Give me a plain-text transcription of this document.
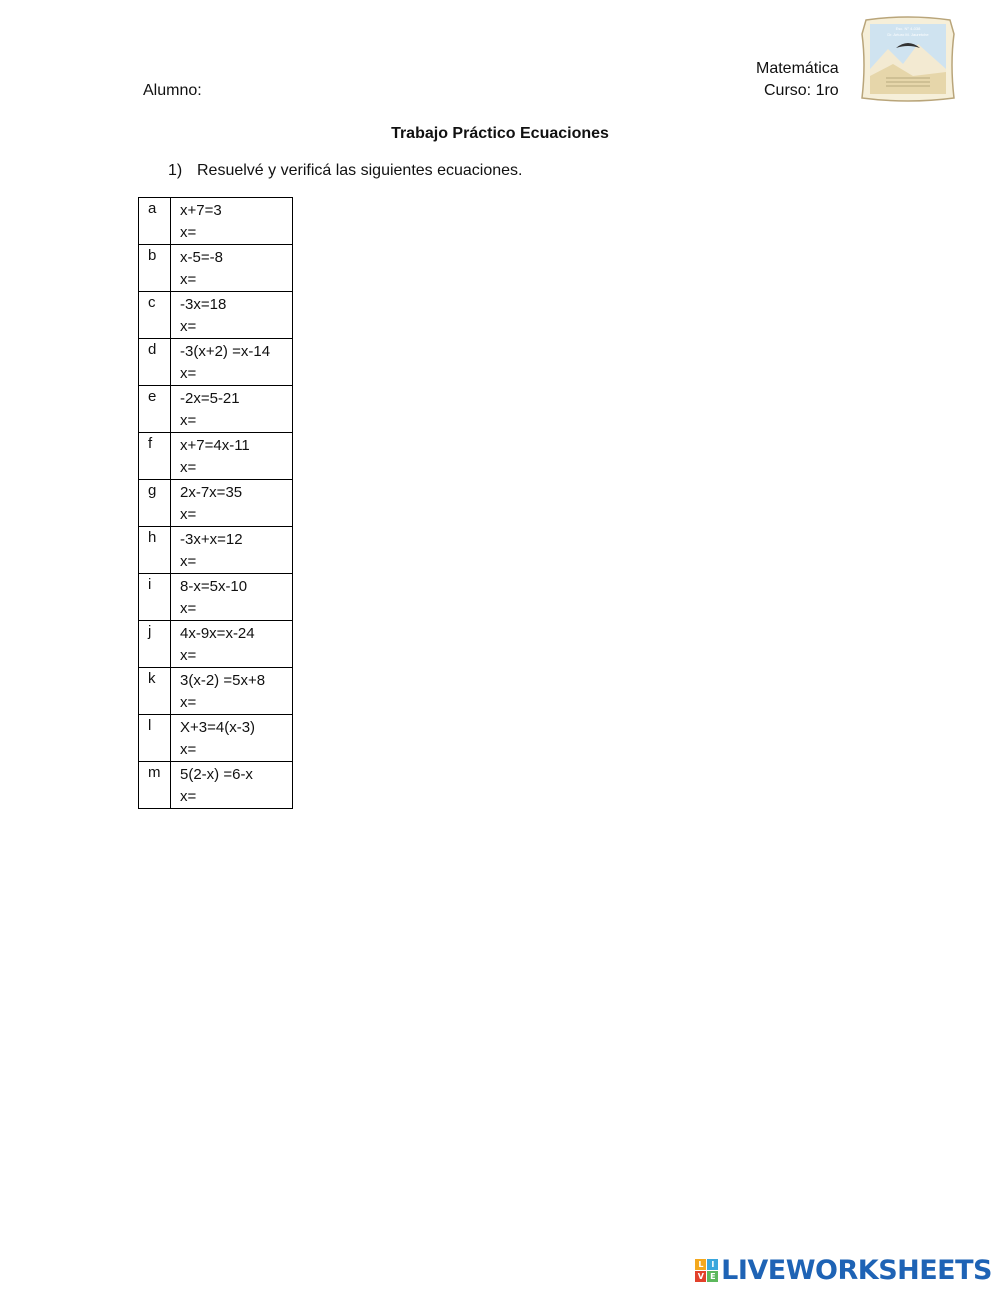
Alumno:
Matemática
Curso: 1ro
Esc. N° 4-038
Dr. Arturo M. Jauretche
Trabajo Práctico Ecuaciones
1) Resuelvé y verificá las siguientes ecuaciones.
a	x+7=3
x=

b	x-5=-8
x=

c	-3x=18
x=

d	-3(x+2) =x-14
x=

e	-2x=5-21
x=

f	x+7=4x-11
x=

g	2x-7x=35
x=

h	-3x+x=12
x=

i	8-x=5x-10
x=

j	4x-9x=x-24
x=

k	3(x-2) =5x+8
x=

l	X+3=4(x-3)
x=

m	5(2-x) =6-x
x=
L	I
V E LIVEWORKSHEETS
